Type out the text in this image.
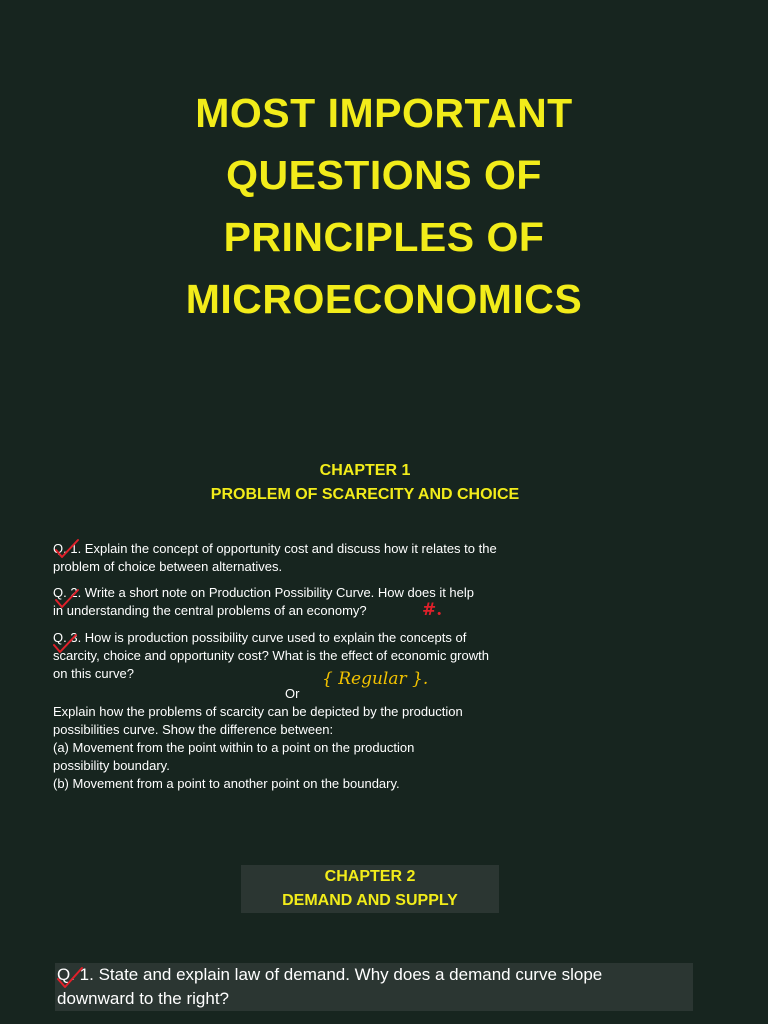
MOST IMPORTANT
QUESTIONS OF
PRINCIPLES OF
MICROECONOMICS
CHAPTER 1
PROBLEM OF SCARECITY AND CHOICE
Q. 1. Explain the concept of opportunity cost and discuss how it relates to the
problem of choice between alternatives.
Q. 2. Write a short note on Production Possibility Curve. How does it help
in understanding the central problems of an economy?
Q. 3. How is production possibility curve used to explain the concepts of
scarcity, choice and opportunity cost? What is the effect of economic growth
on this curve?
Or
Explain how the problems of scarcity can be depicted by the production
possibilities curve. Show the difference between:
(a) Movement from the point within to a point on the production
possibility boundary.
(b) Movement from a point to another point on the boundary.
#.
{ Regular }.
CHAPTER 2
DEMAND AND SUPPLY
Q. 1. State and explain law of demand. Why does a demand curve slope
downward to the right?
